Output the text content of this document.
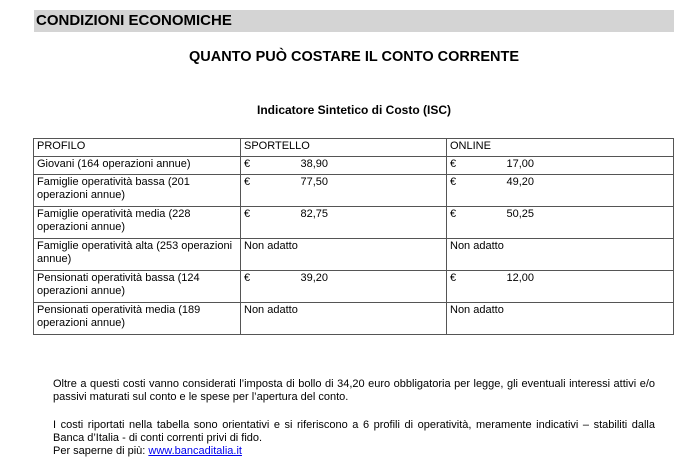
CONDIZIONI ECONOMICHE
QUANTO PUÒ COSTARE IL CONTO CORRENTE
Indicatore Sintetico di Costo (ISC)
PROFILO	SPORTELLO	ONLINE
Giovani (164 operazioni annue)	€ 38,90	€ 17,00

Famiglie operatività bassa (201 operazioni annue)	€ 77,50	€ 49,20

Famiglie operatività media (228 operazioni annue)	€ 82,75	€ 50,25

Famiglie operatività alta (253 operazioni annue)	Non adatto	Non adatto
Pensionati operatività bassa (124 operazioni annue)	€ 39,20	€ 12,00

Pensionati operatività media (189 operazioni annue)	Non adatto	Non adatto

Oltre a questi costi vanno considerati l’imposta di bollo di 34,20 euro obbligatoria per legge, gli eventuali interessi attivi e/o passivi maturati sul conto e le spese per l’apertura del conto.

I costi riportati nella tabella sono orientativi e si riferiscono a 6 profili di operatività, meramente indicativi – stabiliti dalla Banca d’Italia - di conti correnti privi di fido.

Per saperne di più: www.bancaditalia.it
